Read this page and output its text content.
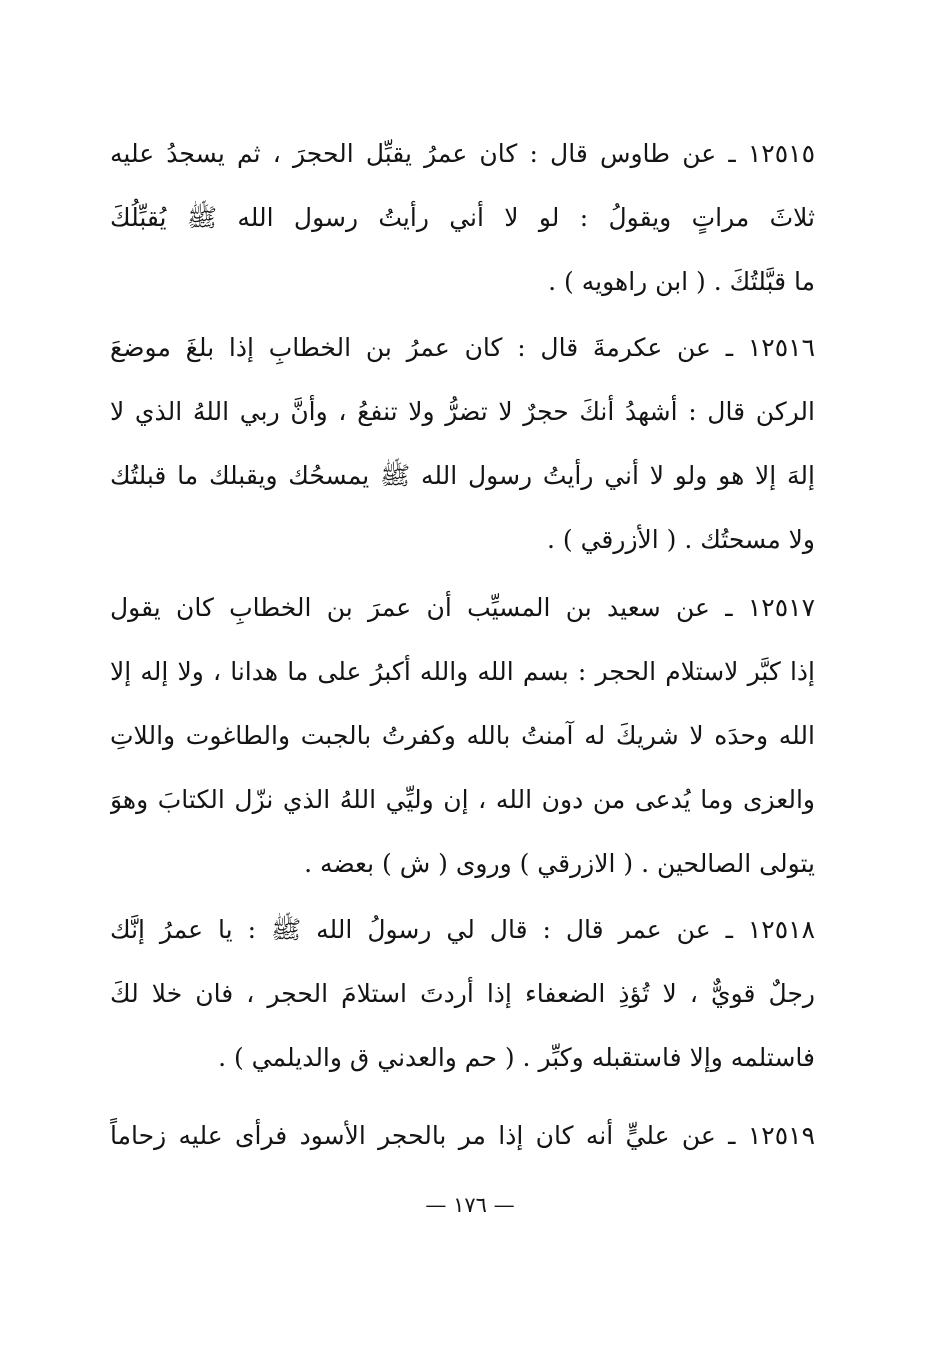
١٢٥١٥ ـ عن طاوس قال : كان عمرُ يقبِّل الحجرَ ، ثم يسجدُ عليه
ثلاثَ مراتٍ ويقولُ : لو لا أني رأيتُ رسول الله ﷺ يُقبِّلُكَ
ما قبَّلتُكَ . ( ابن راهويه ) .
١٢٥١٦ ـ عن عكرمةَ قال : كان عمرُ بن الخطابِ إذا بلغَ موضعَ
الركن قال : أشهدُ أنكَ حجرٌ لا تضرُّ ولا تنفعُ ، وأنَّ ربي اللهُ الذي لا
إلهَ إلا هو ولو لا أني رأيتُ رسول الله ﷺ يمسحُك ويقبلك ما قبلتُك
ولا مسحتُك . ( الأزرقي ) .
١٢٥١٧ ـ عن سعيد بن المسيِّب أن عمرَ بن الخطابِ كان يقول
إذا كبَّر لاستلام الحجر : بسم الله والله أكبرُ على ما هدانا ، ولا إله إلا
الله وحدَه لا شريكَ له آمنتُ بالله وكفرتُ بالجبت والطاغوت واللاتِ
والعزى وما يُدعى من دون الله ، إن وليِّي اللهُ الذي نزّل الكتابَ وهوَ
يتولى الصالحين . ( الازرقي ) وروى ( ش ) بعضه .
١٢٥١٨ ـ عن عمر قال : قال لي رسولُ الله ﷺ : يا عمرُ إنَّك
رجلٌ قويٌّ ، لا تُؤذِ الضعفاء إذا أردتَ استلامَ الحجر ، فان خلا لكَ
فاستلمه وإلا فاستقبله وكبِّر . ( حم والعدني ق والديلمي ) .
١٢٥١٩ ـ عن عليٍّ أنه كان إذا مر بالحجر الأسود فرأى عليه زحاماً
— ١٧٦ —
